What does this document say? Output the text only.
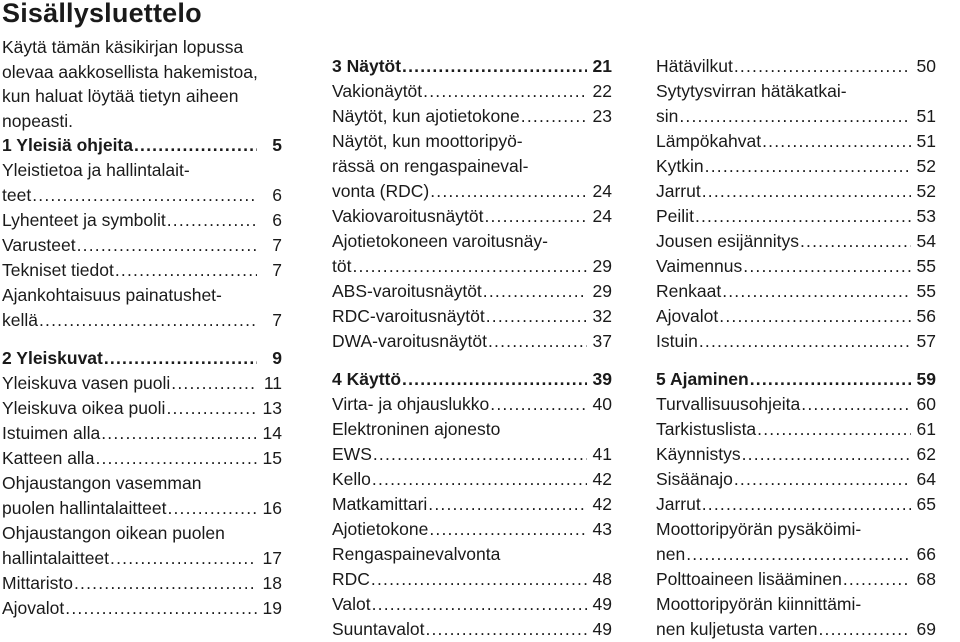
Sisällysluettelo
Käytä tämän käsikirjan lopussa
olevaa aakkosellista hakemistoa,
kun haluat löytää tietyn aiheen
nopeasti.
1 Yleisiä ohjeita .....	5
Yleistietoa ja hallintalait-
teet .....	6
Lyhenteet ja symbolit .....	6
Varusteet .....	7
Tekniset tiedot .....	7
Ajankohtaisuus painatushet-
kellä .....	7
2 Yleiskuvat .....	9
Yleiskuva vasen puoli .....	11
Yleiskuva oikea puoli .....	13
Istuimen alla .....	14
Katteen alla .....	15
Ohjaustangon vasemman
puolen hallintalaitteet .....	16
Ohjaustangon oikean puolen
hallintalaitteet .....	17
Mittaristo .....	18
Ajovalot .....	19
3 Näytöt .....	21
Vakionäytöt .....	22
Näytöt, kun ajotietokone .....	23
Näytöt, kun moottoripyö-
rässä on rengaspaineval-
vonta (RDC) .....	24
Vakiovaroitusnäytöt .....	24
Ajotietokoneen varoitusnäy-
töt .....	29
ABS-varoitusnäytöt .....	29
RDC-varoitusnäytöt .....	32
DWA-varoitusnäytöt .....	37
4 Käyttö .....	39
Virta- ja ohjauslukko .....	40
Elektroninen ajonesto
EWS .....	41
Kello .....	42
Matkamittari .....	42
Ajotietokone .....	43
Rengaspainevalvonta
RDC .....	48
Valot .....	49
Suuntavalot .....	49
Hätävilkut .....	50
Sytytysvirran hätäkatkai-
sin .....	51
Lämpökahvat .....	51
Kytkin .....	52
Jarrut .....	52
Peilit .....	53
Jousen esijännitys .....	54
Vaimennus .....	55
Renkaat .....	55
Ajovalot .....	56
Istuin .....	57
5 Ajaminen .....	59
Turvallisuusohjeita .....	60
Tarkistuslista .....	61
Käynnistys .....	62
Sisäänajo .....	64
Jarrut .....	65
Moottoripyörän pysäköimi-
nen .....	66
Polttoaineen lisääminen .....	68
Moottoripyörän kiinnittämi-
nen kuljetusta varten .....	69
